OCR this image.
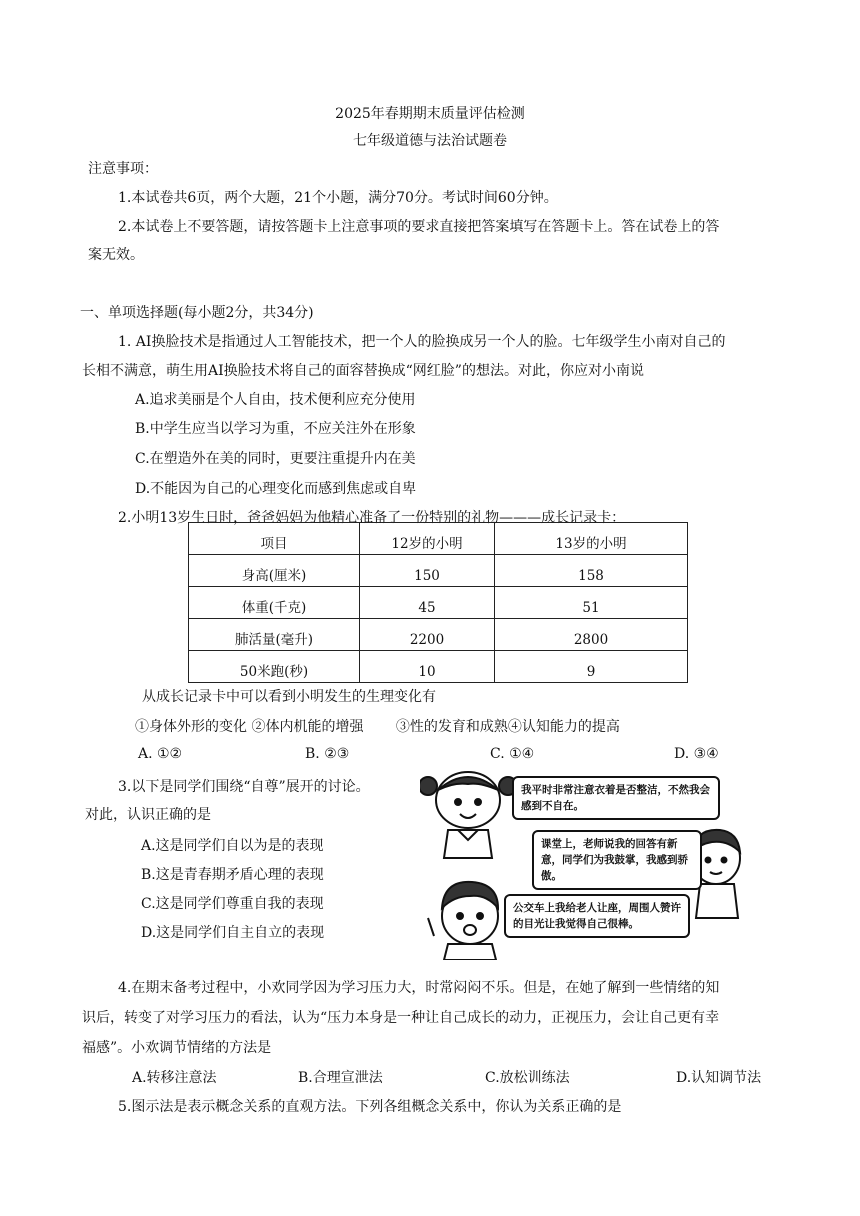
2025年春期期末质量评估检测
七年级道德与法治试题卷
注意事项：
1.本试卷共6页，两个大题，21个小题，满分70分。考试时间60分钟。
2.本试卷上不要答题，请按答题卡上注意事项的要求直接把答案填写在答题卡上。答在试卷上的答
案无效。
一、单项选择题(每小题2分，共34分)
1. AI换脸技术是指通过人工智能技术，把一个人的脸换成另一个人的脸。七年级学生小南对自己的
长相不满意，萌生用AI换脸技术将自己的面容替换成“网红脸”的想法。对此，你应对小南说
A.追求美丽是个人自由，技术便利应充分使用
B.中学生应当以学习为重，不应关注外在形象
C.在塑造外在美的同时，更要注重提升内在美
D.不能因为自己的心理变化而感到焦虑或自卑
2.小明13岁生日时，爸爸妈妈为他精心准备了一份特别的礼物———成长记录卡：
项目	12岁的小明	13岁的小明
身高(厘米)	150	158
体重(千克)	45	51
肺活量(毫升)	2200	2800
50米跑(秒)	10	9
从成长记录卡中可以看到小明发生的生理变化有
①身体外形的变化 ②体内机能的增强　　 ③性的发育和成熟④认知能力的提高
A. ①②	B. ②③	C. ①④	D. ③④
3.以下是同学们围绕“自尊”展开的讨论。
对此，认识正确的是
A.这是同学们自以为是的表现
B.这是青春期矛盾心理的表现
C.这是同学们尊重自我的表现
D.这是同学们自主自立的表现
我平时非常注意衣着是否整洁，不然我会感到不自在。
课堂上，老师说我的回答有新意，同学们为我鼓掌，我感到骄傲。
公交车上我给老人让座，周围人赞许的目光让我觉得自己很棒。
4.在期末备考过程中，小欢同学因为学习压力大，时常闷闷不乐。但是，在她了解到一些情绪的知
识后，转变了对学习压力的看法，认为“压力本身是一种让自己成长的动力，正视压力，会让自己更有幸
福感”。小欢调节情绪的方法是
A.转移注意法	B.合理宣泄法	C.放松训练法	D.认知调节法
5.图示法是表示概念关系的直观方法。下列各组概念关系中，你认为关系正确的是
